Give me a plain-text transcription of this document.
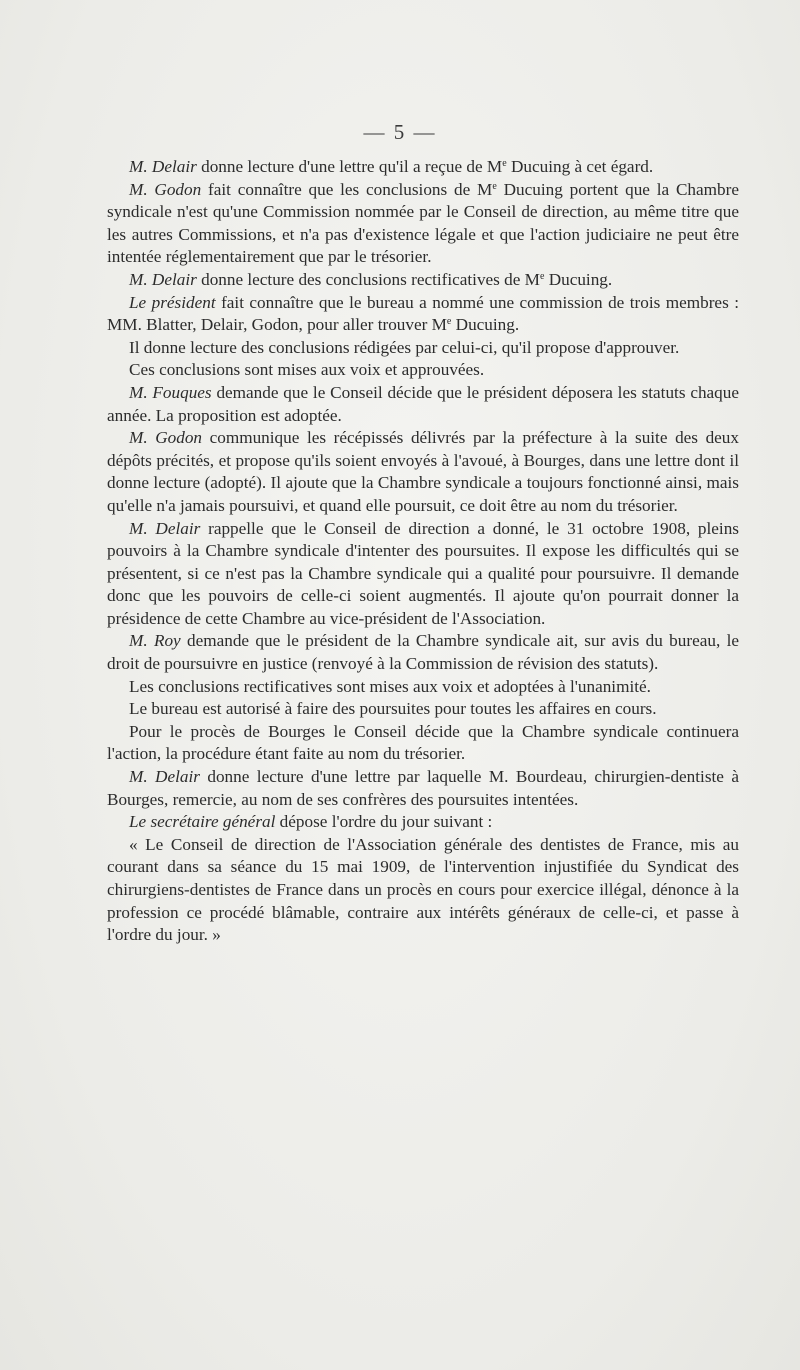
— 5 —

M. Delair donne lecture d'une lettre qu'il a reçue de Me Ducuing à cet égard.

M. Godon fait connaître que les conclusions de Me Ducuing portent que la Chambre syndicale n'est qu'une Commission nommée par le Conseil de direction, au même titre que les autres Commissions, et n'a pas d'existence légale et que l'action judiciaire ne peut être intentée réglementairement que par le trésorier.

M. Delair donne lecture des conclusions rectificatives de Me Ducuing.

Le président fait connaître que le bureau a nommé une commission de trois membres : MM. Blatter, Delair, Godon, pour aller trouver Me Ducuing.

Il donne lecture des conclusions rédigées par celui-ci, qu'il propose d'approuver.

Ces conclusions sont mises aux voix et approuvées.

M. Fouques demande que le Conseil décide que le président déposera les statuts chaque année. La proposition est adoptée.

M. Godon communique les récépissés délivrés par la préfecture à la suite des deux dépôts précités, et propose qu'ils soient envoyés à l'avoué, à Bourges, dans une lettre dont il donne lecture (adopté). Il ajoute que la Chambre syndicale a toujours fonctionné ainsi, mais qu'elle n'a jamais poursuivi, et quand elle poursuit, ce doit être au nom du trésorier.

M. Delair rappelle que le Conseil de direction a donné, le 31 octobre 1908, pleins pouvoirs à la Chambre syndicale d'intenter des poursuites. Il expose les difficultés qui se présentent, si ce n'est pas la Chambre syndicale qui a qualité pour poursuivre. Il demande donc que les pouvoirs de celle-ci soient augmentés. Il ajoute qu'on pourrait donner la présidence de cette Chambre au vice-président de l'Association.

M. Roy demande que le président de la Chambre syndicale ait, sur avis du bureau, le droit de poursuivre en justice (renvoyé à la Commission de révision des statuts).

Les conclusions rectificatives sont mises aux voix et adoptées à l'unanimité.

Le bureau est autorisé à faire des poursuites pour toutes les affaires en cours.

Pour le procès de Bourges le Conseil décide que la Chambre syndicale continuera l'action, la procédure étant faite au nom du trésorier.

M. Delair donne lecture d'une lettre par laquelle M. Bourdeau, chirurgien-dentiste à Bourges, remercie, au nom de ses confrères des poursuites intentées.

Le secrétaire général dépose l'ordre du jour suivant :

« Le Conseil de direction de l'Association générale des dentistes de France, mis au courant dans sa séance du 15 mai 1909, de l'intervention injustifiée du Syndicat des chirurgiens-dentistes de France dans un procès en cours pour exercice illégal, dénonce à la profession ce procédé blâmable, contraire aux intérêts généraux de celle-ci, et passe à l'ordre du jour. »
